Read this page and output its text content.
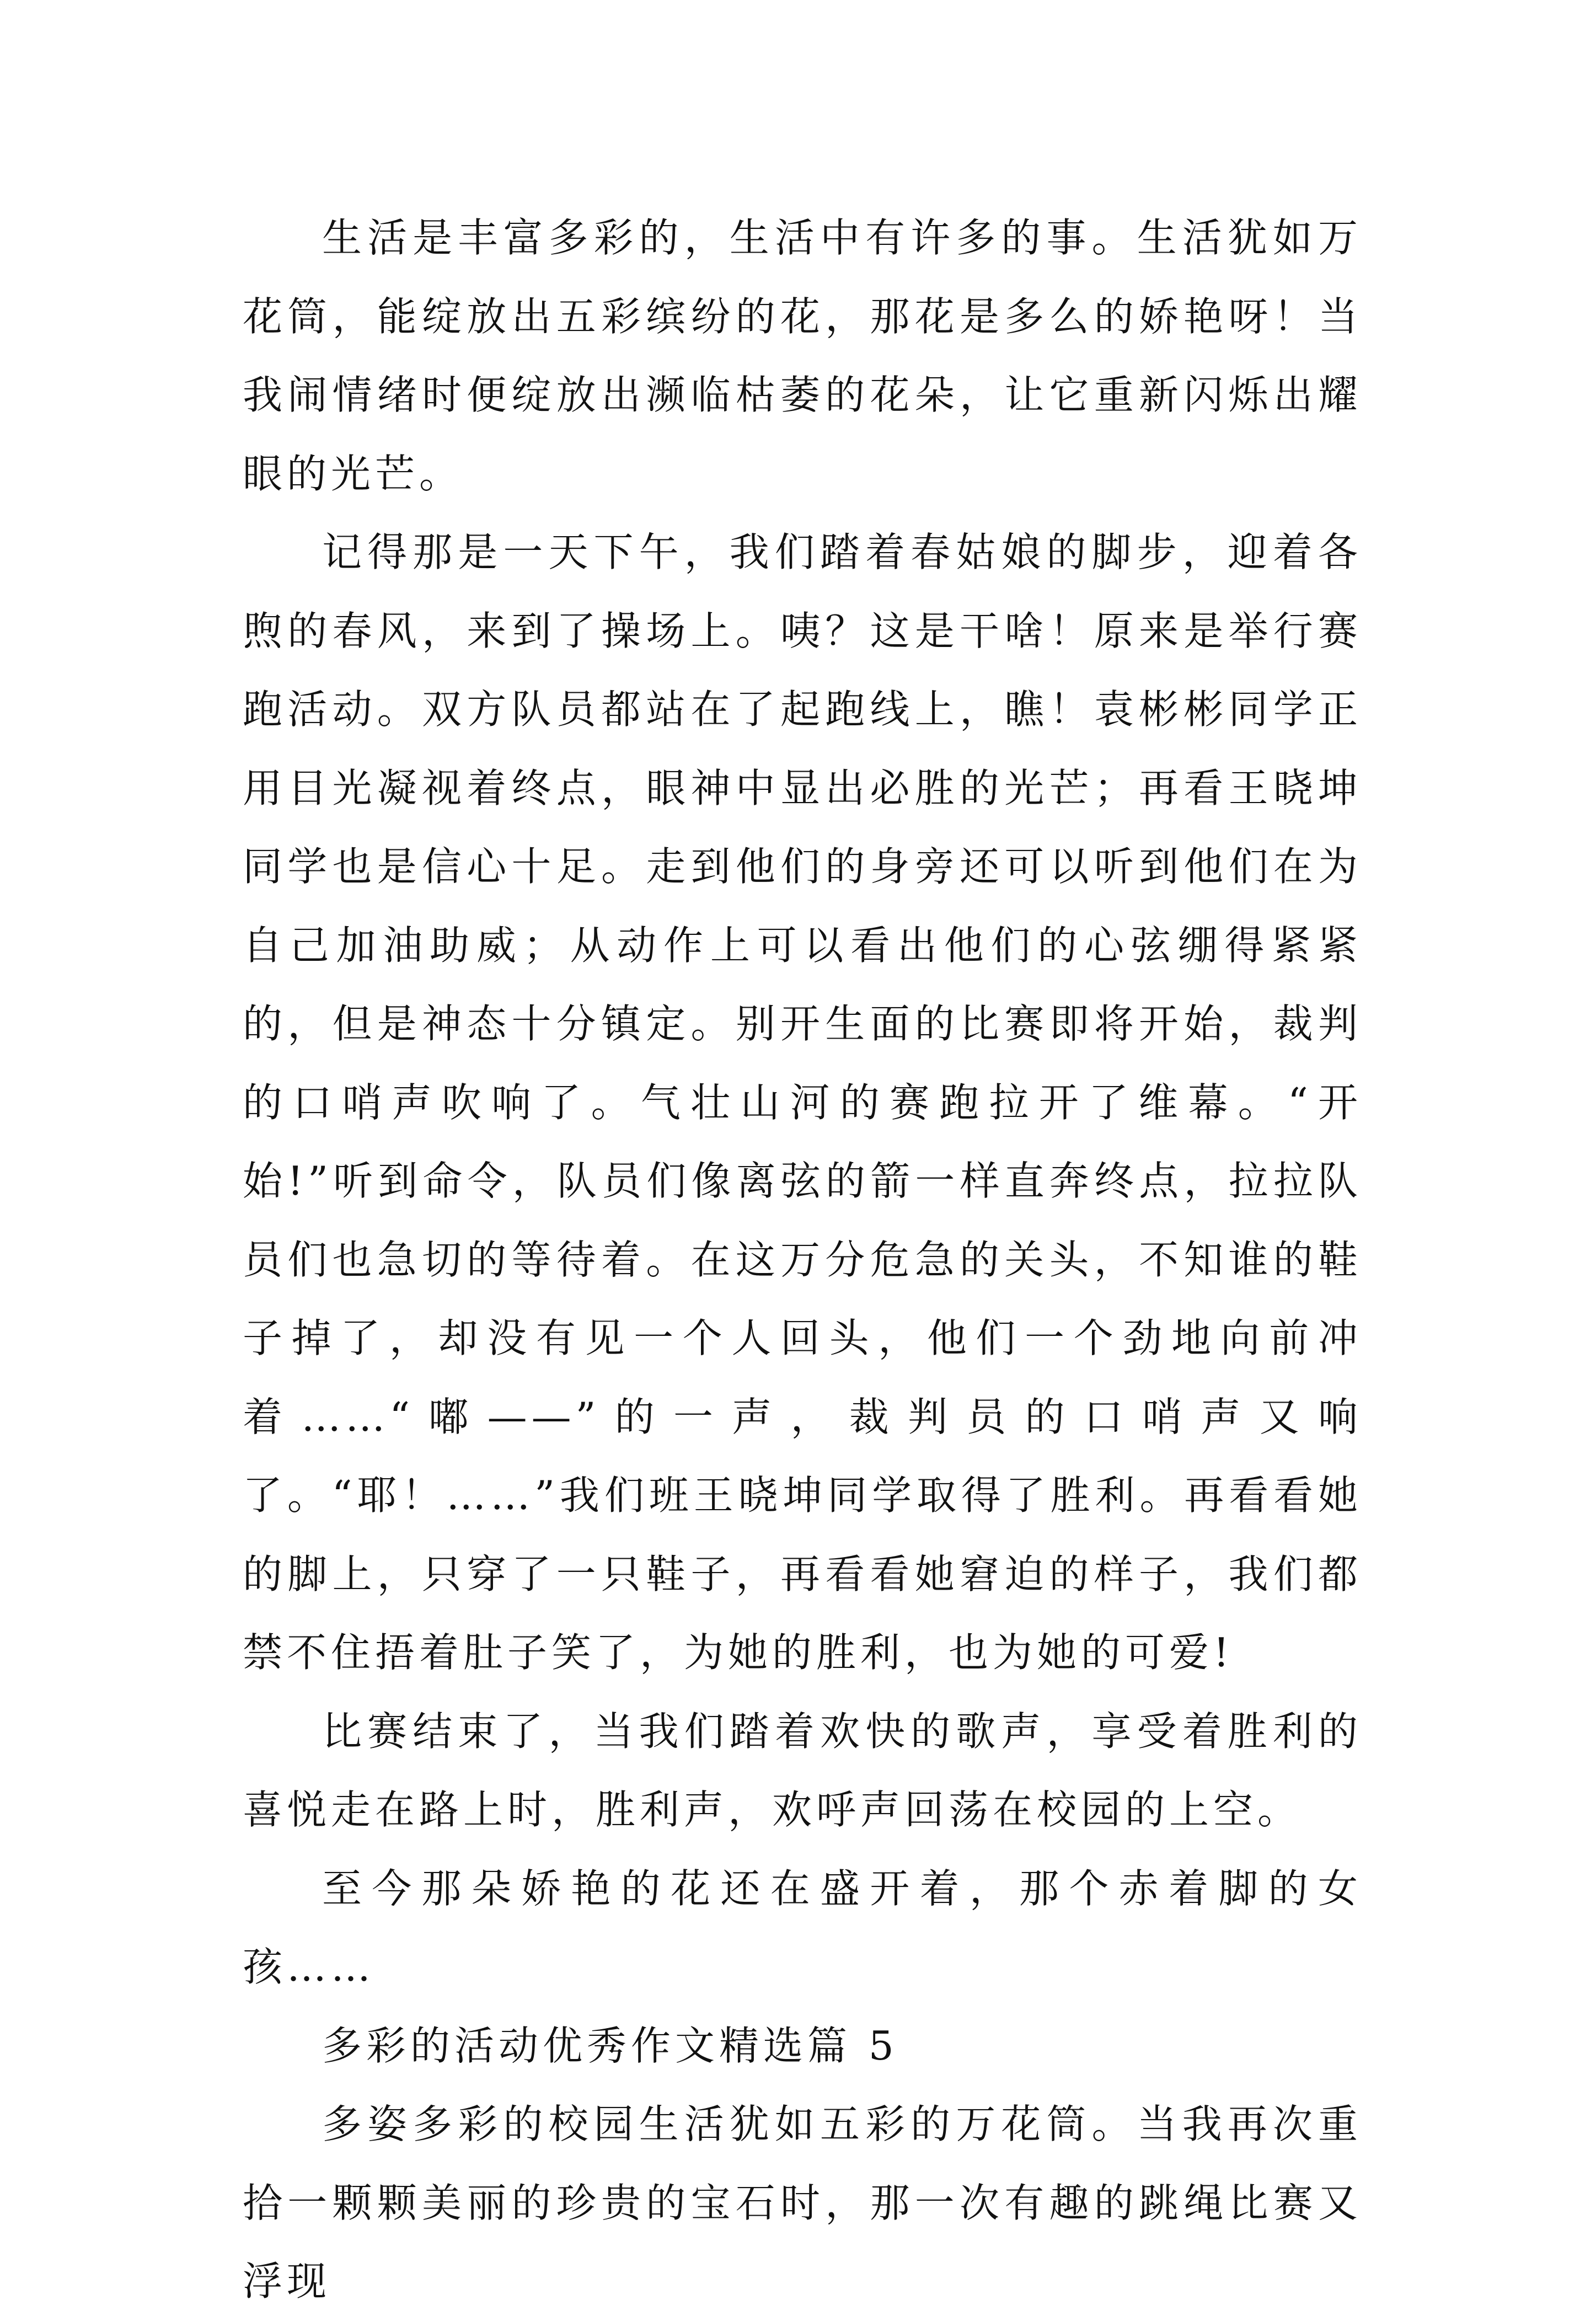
生活是丰富多彩的，生活中有许多的事。生活犹如万花筒，能绽放出五彩缤纷的花，那花是多么的娇艳呀！当我闹情绪时便绽放出濒临枯萎的花朵，让它重新闪烁出耀眼的光芒。

记得那是一天下午，我们踏着春姑娘的脚步，迎着各煦的春风，来到了操场上。咦？这是干啥！原来是举行赛跑活动。双方队员都站在了起跑线上，瞧！袁彬彬同学正用目光凝视着终点，眼神中显出必胜的光芒；再看王晓坤同学也是信心十足。走到他们的身旁还可以听到他们在为自己加油助威；从动作上可以看出他们的心弦绷得紧紧的，但是神态十分镇定。别开生面的比赛即将开始，裁判的口哨声吹响了。气壮山河的赛跑拉开了维幕。“开始!”听到命令，队员们像离弦的箭一样直奔终点，拉拉队员们也急切的等待着。在这万分危急的关头，不知谁的鞋子掉了，却没有见一个人回头，他们一个劲地向前冲着……“嘟——”的一声，裁判员的口哨声又响了。“耶！……”我们班王晓坤同学取得了胜利。再看看她的脚上，只穿了一只鞋子，再看看她窘迫的样子，我们都禁不住捂着肚子笑了，为她的胜利，也为她的可爱!

比赛结束了，当我们踏着欢快的歌声，享受着胜利的喜悦走在路上时，胜利声，欢呼声回荡在校园的上空。

至今那朵娇艳的花还在盛开着，那个赤着脚的女孩……

多彩的活动优秀作文精选篇 5

多姿多彩的校园生活犹如五彩的万花筒。当我再次重拾一颗颗美丽的珍贵的宝石时，那一次有趣的跳绳比赛又浮现
